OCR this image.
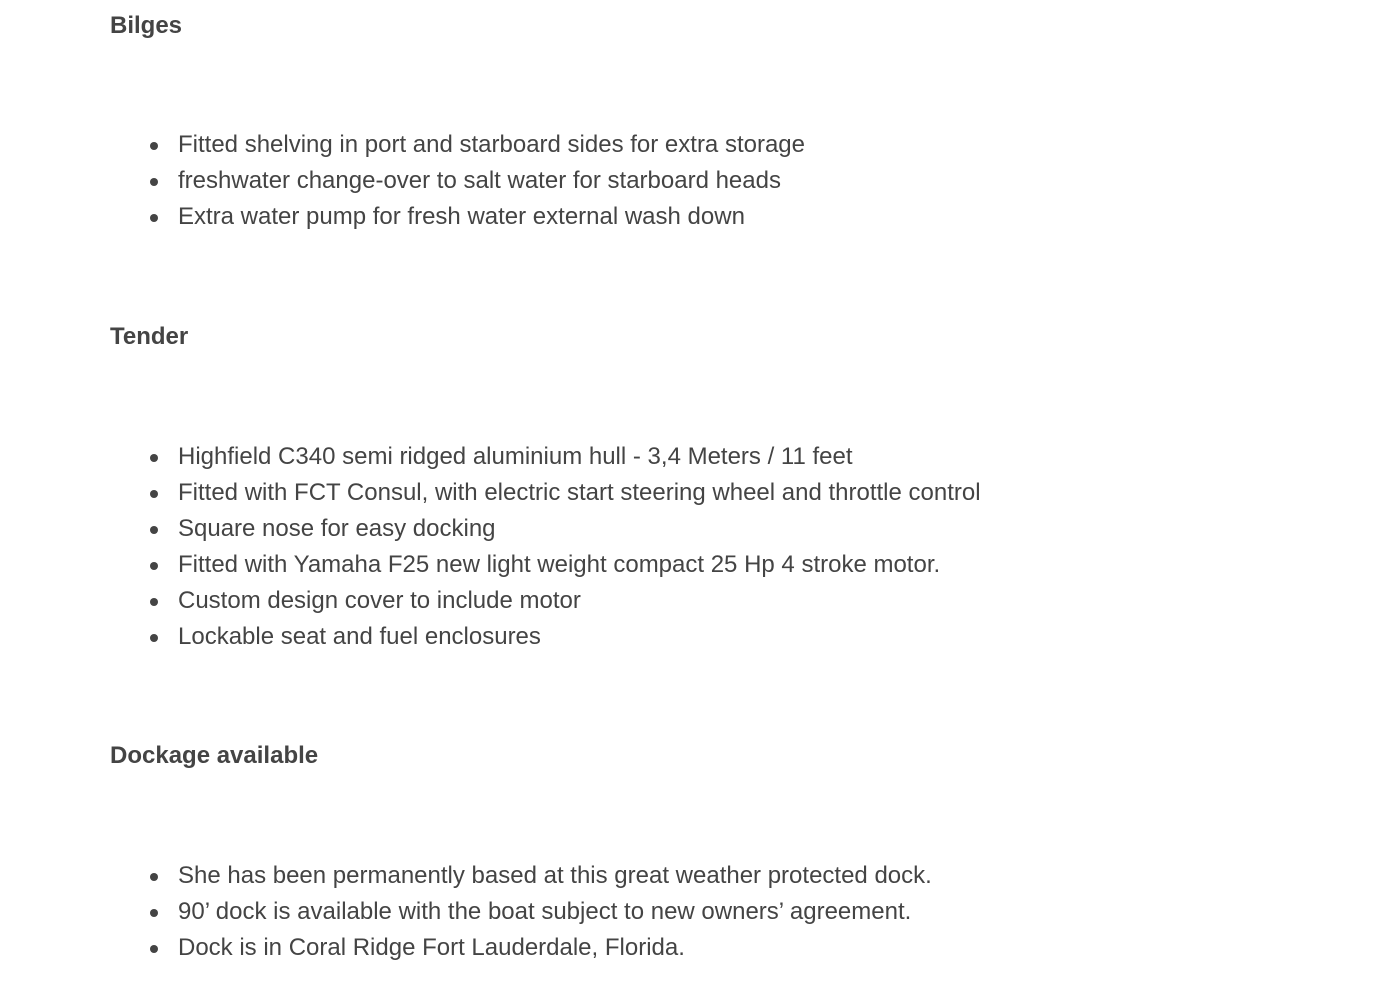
Bilges
Fitted shelving in port and starboard sides for extra storage
freshwater change-over to salt water for starboard heads
Extra water pump for fresh water external wash down
Tender
Highfield C340 semi ridged aluminium hull - 3,4 Meters / 11 feet
Fitted with FCT Consul, with electric start steering wheel and throttle control
Square nose for easy docking
Fitted with Yamaha F25 new light weight compact 25 Hp 4 stroke motor.
Custom design cover to include motor
Lockable seat and fuel enclosures
Dockage available
She has been permanently based at this great weather protected dock.
90’ dock is available with the boat subject to new owners’ agreement.
Dock is in Coral Ridge Fort Lauderdale, Florida.
